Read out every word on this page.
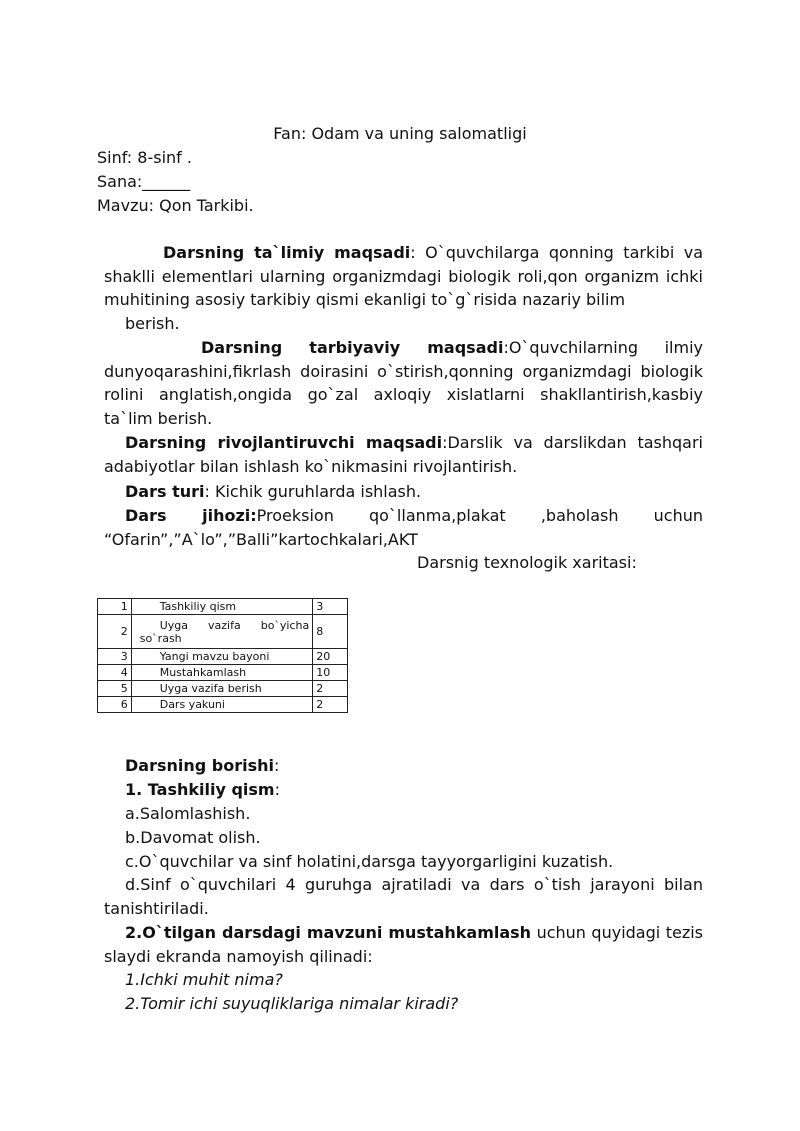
Fan: Odam va uning salomatligi
Sinf: 8-sinf .
Sana:______
Mavzu: Qon Tarkibi.
Darsning ta`limiy maqsadi: O`quvchilarga qonning tarkibi va shaklli elementlari ularning organizmdagi biologik roli,qon organizm ichki muhitining asosiy tarkibiy qismi ekanligi to`g`risida nazariy bilim
berish.
Darsning tarbiyaviy maqsadi:O`quvchilarning ilmiy dunyoqarashini,fikrlash doirasini o`stirish,qonning organizmdagi biologik rolini anglatish,ongida go`zal axloqiy xislatlarni shakllantirish,kasbiy ta`lim berish.
Darsning rivojlantiruvchi maqsadi:Darslik va darslikdan tashqari adabiyotlar bilan ishlash ko`nikmasini rivojlantirish.
Dars turi: Kichik guruhlarda ishlash.
Dars jihozi:Proeksion qo`llanma,plakat ,baholash uchun “Ofarin”,”A`lo”,”Balli”kartochkalari,AKT
Darsnig texnologik xaritasi:
1	Tashkiliy qism	3
2	Uyga vazifa bo`yicha so`rash	8
3	Yangi mavzu bayoni	20
4	Mustahkamlash	10
5	Uyga vazifa berish	2
6	Dars yakuni	2
Darsning borishi:
1. Tashkiliy qism:
a.Salomlashish.
b.Davomat olish.
c.O`quvchilar va sinf holatini,darsga tayyorgarligini kuzatish.
d.Sinf o`quvchilari 4 guruhga ajratiladi va dars o`tish jarayoni bilan tanishtiriladi.
2.O`tilgan darsdagi mavzuni mustahkamlash uchun quyidagi tezis slaydi ekranda namoyish qilinadi:
1.Ichki muhit nima?
2.Tomir ichi suyuqliklariga nimalar kiradi?
